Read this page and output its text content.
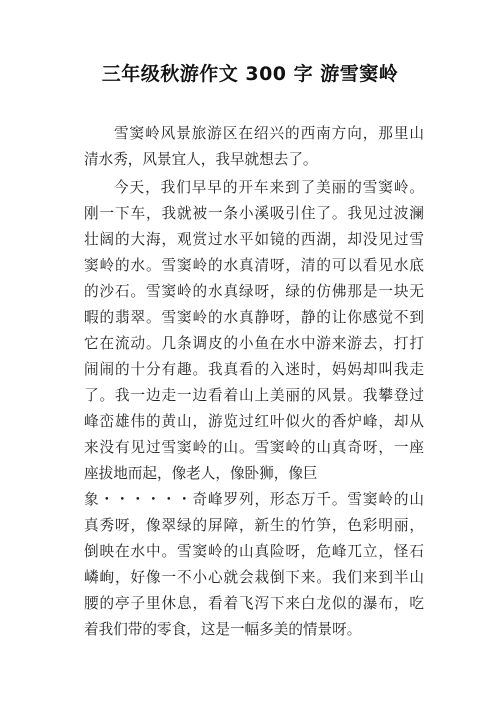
三年级秋游作文 300 字 游雪窦岭
雪窦岭风景旅游区在绍兴的西南方向，那里山
清水秀，风景宜人，我早就想去了。
今天，我们早早的开车来到了美丽的雪窦岭。
刚一下车，我就被一条小溪吸引住了。我见过波澜
壮阔的大海，观赏过水平如镜的西湖，却没见过雪
窦岭的水。雪窦岭的水真清呀，清的可以看见水底
的沙石。雪窦岭的水真绿呀，绿的仿佛那是一块无
暇的翡翠。雪窦岭的水真静呀，静的让你感觉不到
它在流动。几条调皮的小鱼在水中游来游去，打打
闹闹的十分有趣。我真看的入迷时，妈妈却叫我走
了。我一边走一边看着山上美丽的风景。我攀登过
峰峦雄伟的黄山，游览过红叶似火的香炉峰，却从
来没有见过雪窦岭的山。雪窦岭的山真奇呀，一座
座拔地而起，像老人，像卧狮，像巨
象・・・・・・奇峰罗列，形态万千。雪窦岭的山
真秀呀，像翠绿的屏障，新生的竹笋，色彩明丽，
倒映在水中。雪窦岭的山真险呀，危峰兀立，怪石
嶙峋，好像一不小心就会栽倒下来。我们来到半山
腰的亭子里休息，看着飞泻下来白龙似的瀑布，吃
着我们带的零食，这是一幅多美的情景呀。
